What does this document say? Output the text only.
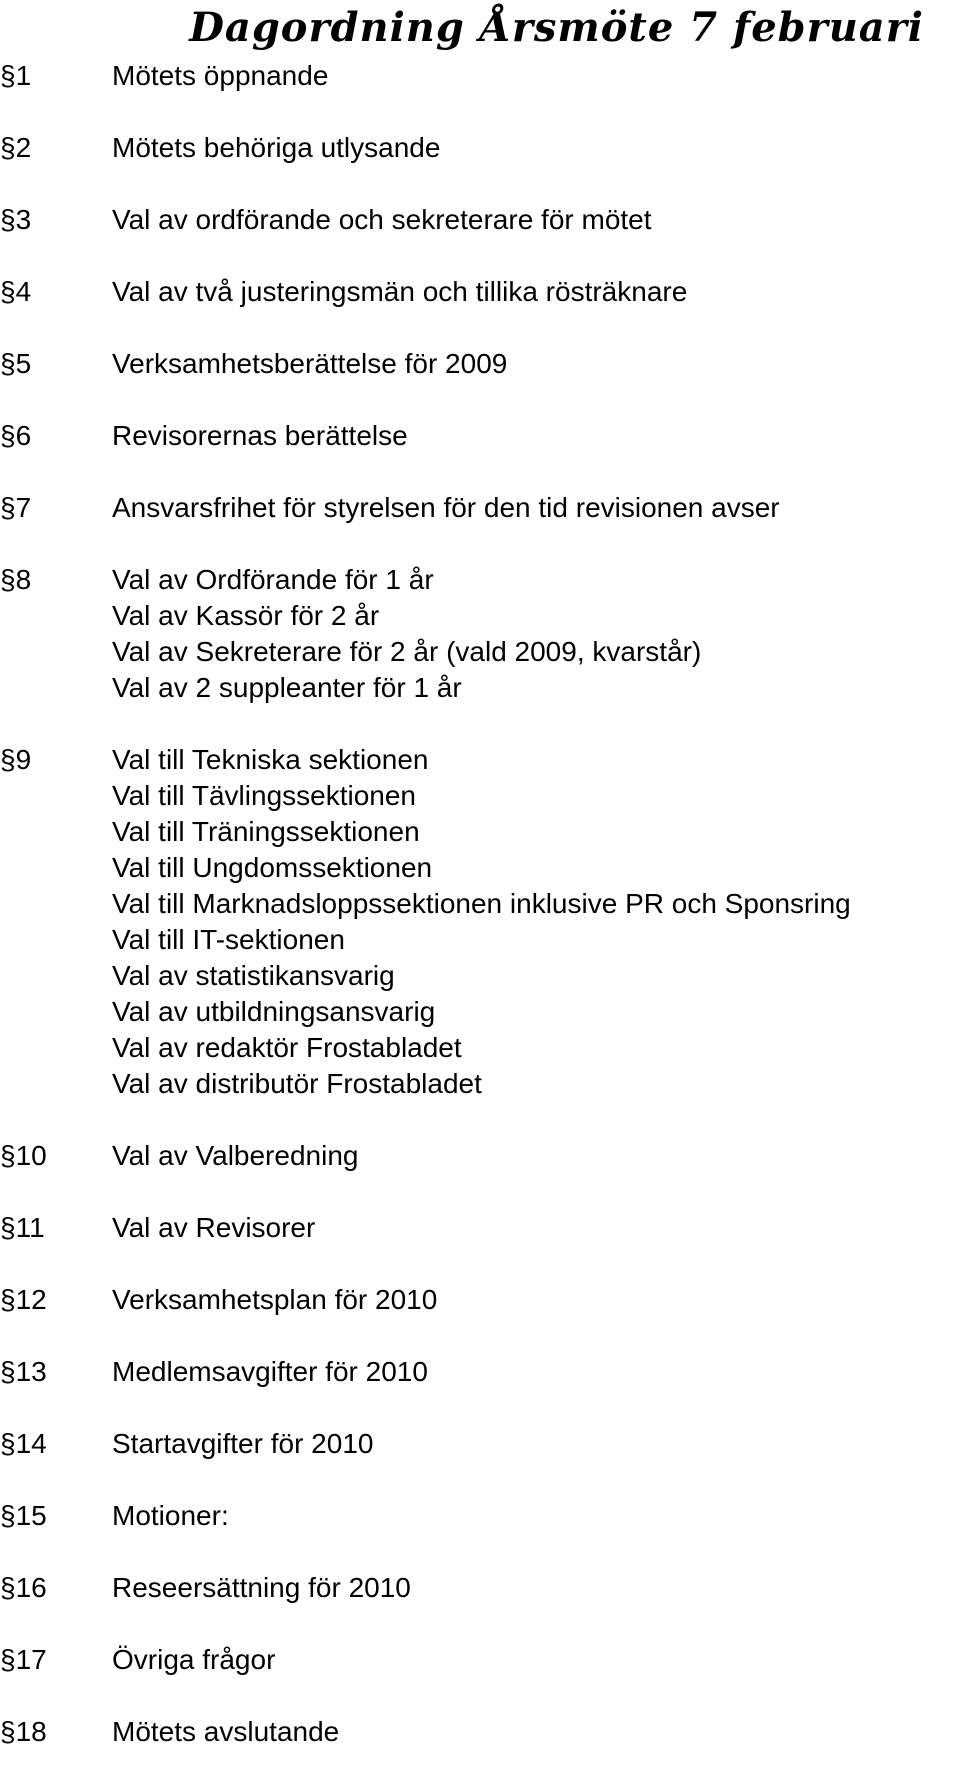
Dagordning Årsmöte 7 februari
§1	Mötets öppnande
§2	Mötets behöriga utlysande
§3	Val av ordförande och sekreterare för mötet
§4	Val av två justeringsmän och tillika rösträknare
§5	Verksamhetsberättelse för 2009
§6	Revisorernas berättelse
§7	Ansvarsfrihet för styrelsen för den tid revisionen avser
§8	Val av Ordförande för 1 år
Val av Kassör för 2 år
Val av Sekreterare för 2 år (vald 2009, kvarstår)
Val av 2 suppleanter för 1 år
§9	Val till Tekniska sektionen
Val till Tävlingssektionen
Val till Träningssektionen
Val till Ungdomssektionen
Val till Marknadsloppssektionen inklusive PR och Sponsring
Val till IT-sektionen
Val av statistikansvarig
Val av utbildningsansvarig
Val av redaktör Frostabladet
Val av distributör Frostabladet
§10	Val av Valberedning
§11	Val av Revisorer
§12	Verksamhetsplan för 2010
§13	Medlemsavgifter för 2010
§14	Startavgifter för 2010
§15	Motioner:
§16	Reseersättning för 2010
§17	Övriga frågor
§18	Mötets avslutande
